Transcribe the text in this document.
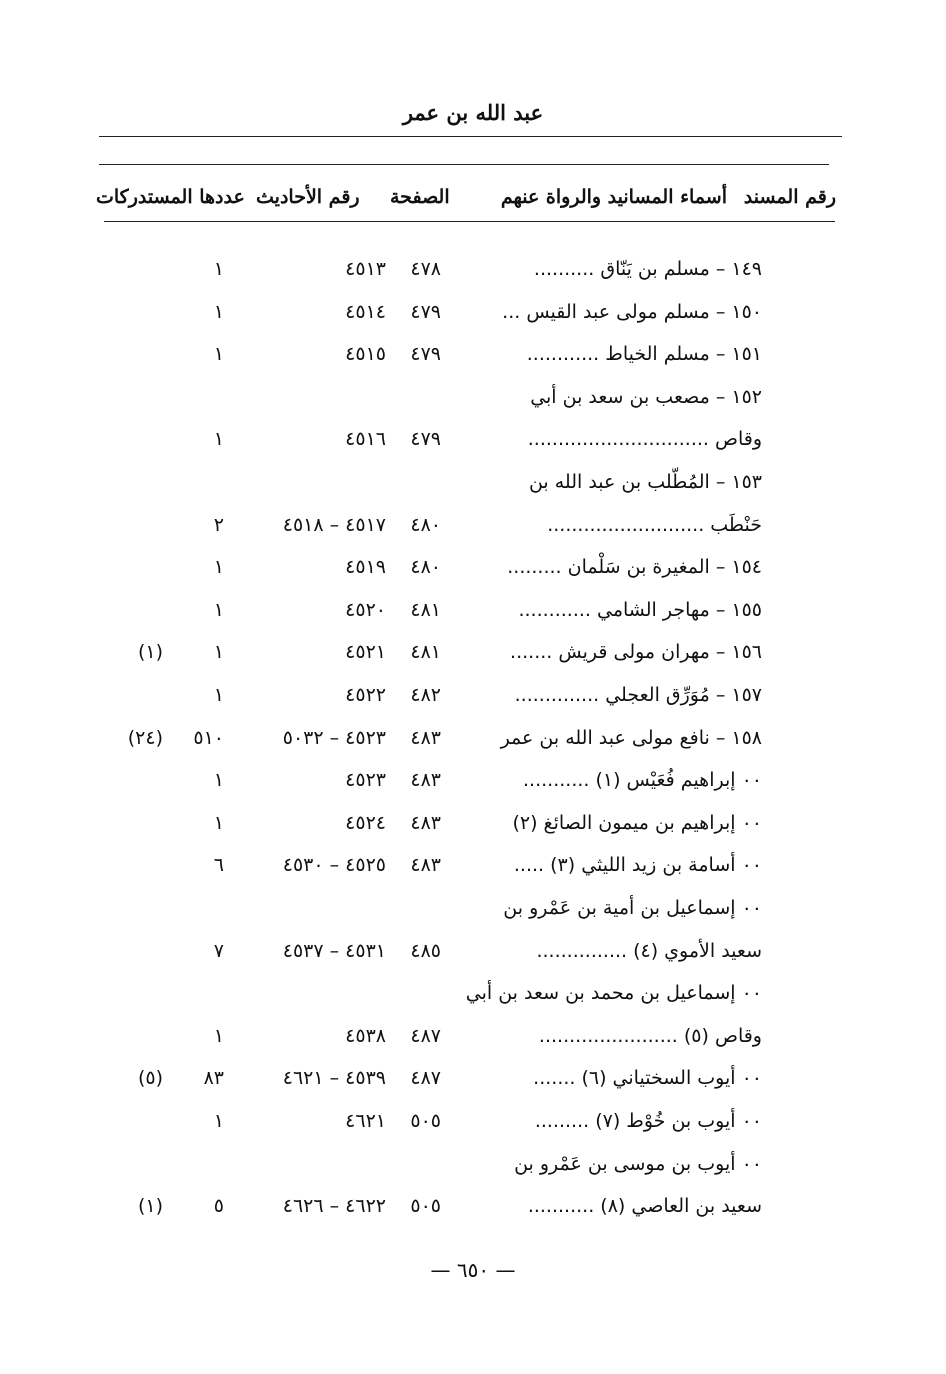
عبد الله بن عمر
رقم المسند
أسماء المسانيد والرواة عنهم
الصفحة
رقم الأحاديث
عددها المستدركات
١٤٩ – مسلم بن يَنّاق ..........
٤٧٨
٤٥١٣
١
١٥٠ – مسلم مولى عبد القيس ...
٤٧٩
٤٥١٤
١
١٥١ – مسلم الخياط ............
٤٧٩
٤٥١٥
١
١٥٢ – مصعب بن سعد بن أبي
وقاص ..............................
٤٧٩
٤٥١٦
١
١٥٣ – المُطّلب بن عبد الله بن
حَنْطَب ..........................
٤٨٠
٤٥١٧ – ٤٥١٨
٢
١٥٤ – المغيرة بن سَلْمان .........
٤٨٠
٤٥١٩
١
١٥٥ – مهاجر الشامي ............
٤٨١
٤٥٢٠
١
١٥٦ – مهران مولى قريش .......
٤٨١
٤٥٢١
١
(١)
١٥٧ – مُوَرِّق العجلي ..............
٤٨٢
٤٥٢٢
١
١٥٨ – نافع مولى عبد الله بن عمر
٤٨٣
٤٥٢٣ – ٥٠٣٢
٥١٠
(٢٤)
٠٠ إبراهيم فُعَيْس (١) ...........
٤٨٣
٤٥٢٣
١
٠٠ إبراهيم بن ميمون الصائغ (٢)
٤٨٣
٤٥٢٤
١
٠٠ أسامة بن زيد الليثي (٣) .....
٤٨٣
٤٥٢٥ – ٤٥٣٠
٦
٠٠ إسماعيل بن أمية بن عَمْرو بن
سعيد الأموي (٤) ...............
٤٨٥
٤٥٣١ – ٤٥٣٧
٧
٠٠ إسماعيل بن محمد بن سعد بن أبي
وقاص (٥) .......................
٤٨٧
٤٥٣٨
١
٠٠ أيوب السختياني (٦) .......
٤٨٧
٤٥٣٩ – ٤٦٢١
٨٣
(٥)
٠٠ أيوب بن خُوْط (٧) .........
٥٠٥
٤٦٢١
١
٠٠ أيوب بن موسى بن عَمْرو بن
سعيد بن العاصي (٨) ...........
٥٠٥
٤٦٢٢ – ٤٦٢٦
٥
(١)
— ٦٥٠ —
